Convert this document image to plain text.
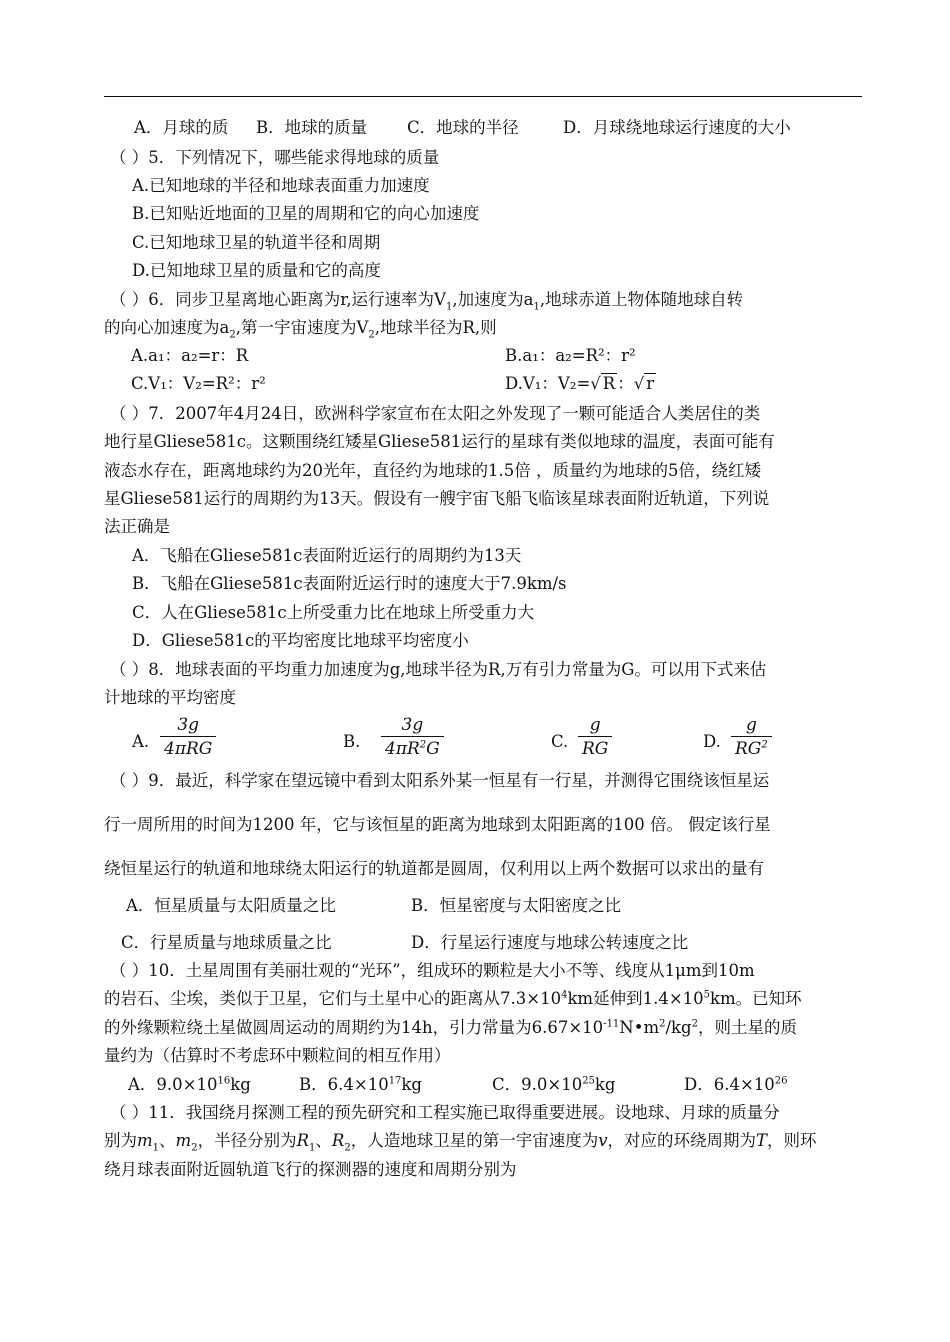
A．月球的质 B．地球的质量 C．地球的半径	D．月球绕地球运行速度的大小
（ ）5．下列情况下，哪些能求得地球的质量
A.已知地球的半径和地球表面重力加速度
B.已知贴近地面的卫星的周期和它的向心加速度
C.已知地球卫星的轨道半径和周期
D.已知地球卫星的质量和它的高度
（ ）6．同步卫星离地心距离为r,运行速率为$V_1$,加速度为$a_1$,地球赤道上物体随地球自转
的向心加速度为$a_2$,第一宇宙速度为$V_2$,地球半径为R,则
A.a₁：a₂=r：R	B.a₁：a₂=R²：r²
C.V₁：V₂=R²：r²	D.V₁：V₂=√ R ：√ r
（ ）7．2007年4月24日，欧洲科学家宣布在太阳之外发现了一颗可能适合人类居住的类
地行星Gliese581c。这颗围绕红矮星Gliese581运行的星球有类似地球的温度，表面可能有
液态水存在，距离地球约为20光年，直径约为地球的1.5倍 ，质量约为地球的5倍，绕红矮
星Gliese581运行的周期约为13天。假设有一艘宇宙飞船飞临该星球表面附近轨道，下列说
法正确是
A．飞船在Gliese581c表面附近运行的周期约为13天
B．飞船在Gliese581c表面附近运行时的速度大于7.9km/s
C．人在Gliese581c上所受重力比在地球上所受重力大
D．Gliese581c的平均密度比地球平均密度小
（ ）8．地球表面的平均重力加速度为g,地球半径为R,万有引力常量为G。可以用下式来估
计地球的平均密度
A.
3g
4πRG	B. $\frac{3g}{4\pi R^2G}$	C. $\frac{g}{RG}$	D. $\frac{g}{RG^2}$
（ ）9．最近，科学家在望远镜中看到太阳系外某一恒星有一行星，并测得它围绕该恒星运
行一周所用的时间为1200 年，它与该恒星的距离为地球到太阳距离的100 倍。 假定该行星
绕恒星运行的轨道和地球绕太阳运行的轨道都是圆周，仅利用以上两个数据可以求出的量有
A．恒星质量与太阳质量之比	B．恒星密度与太阳密度之比
C．行星质量与地球质量之比	D．行星运行速度与地球公转速度之比
（ ）10．土星周围有美丽壮观的“光环”，组成环的颗粒是大小不等、线度从1μm到10m
的岩石、尘埃，类似于卫星，它们与土星中心的距离从$7.3\times 10^4km$延伸到$1.4\times 10^5km$。已知环
的外缘颗粒绕土星做圆周运动的周期约为14h，引力常量为$6.67\times 10^{-11}N•m^2/kg^2$，则土星的质
量约为（估算时不考虑环中颗粒间的相互作用）
A．$9.0\times 10^{16}kg$	B．$6.4\times 10^{17}kg$	C．$9.0\times 10^{25}kg$	D．$6.4\times 10^{26}$
（ ）11．我国绕月探测工程的预先研究和工程实施已取得重要进展。设地球、月球的质量分
别为$m_1$、$m_2$，半径分别为$R_1$、$R_2$，人造地球卫星的第一宇宙速度为v，对应的环绕周期为T，则环
绕月球表面附近圆轨道飞行的探测器的速度和周期分别为
